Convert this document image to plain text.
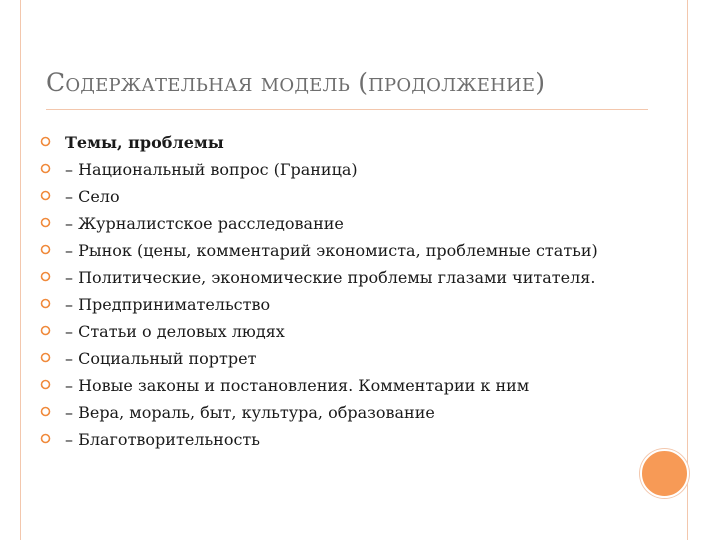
Содержательная модель (продолжение)
Темы, проблемы
– Национальный вопрос (Граница)
– Село
– Журналистское расследование
– Рынок (цены, комментарий экономиста, проблемные статьи)
– Политические, экономические проблемы глазами читателя.
– Предпринимательство
– Статьи о деловых людях
– Социальный портрет
– Новые законы и постановления. Комментарии к ним
– Вера, мораль, быт, культура, образование
– Благотворительность
